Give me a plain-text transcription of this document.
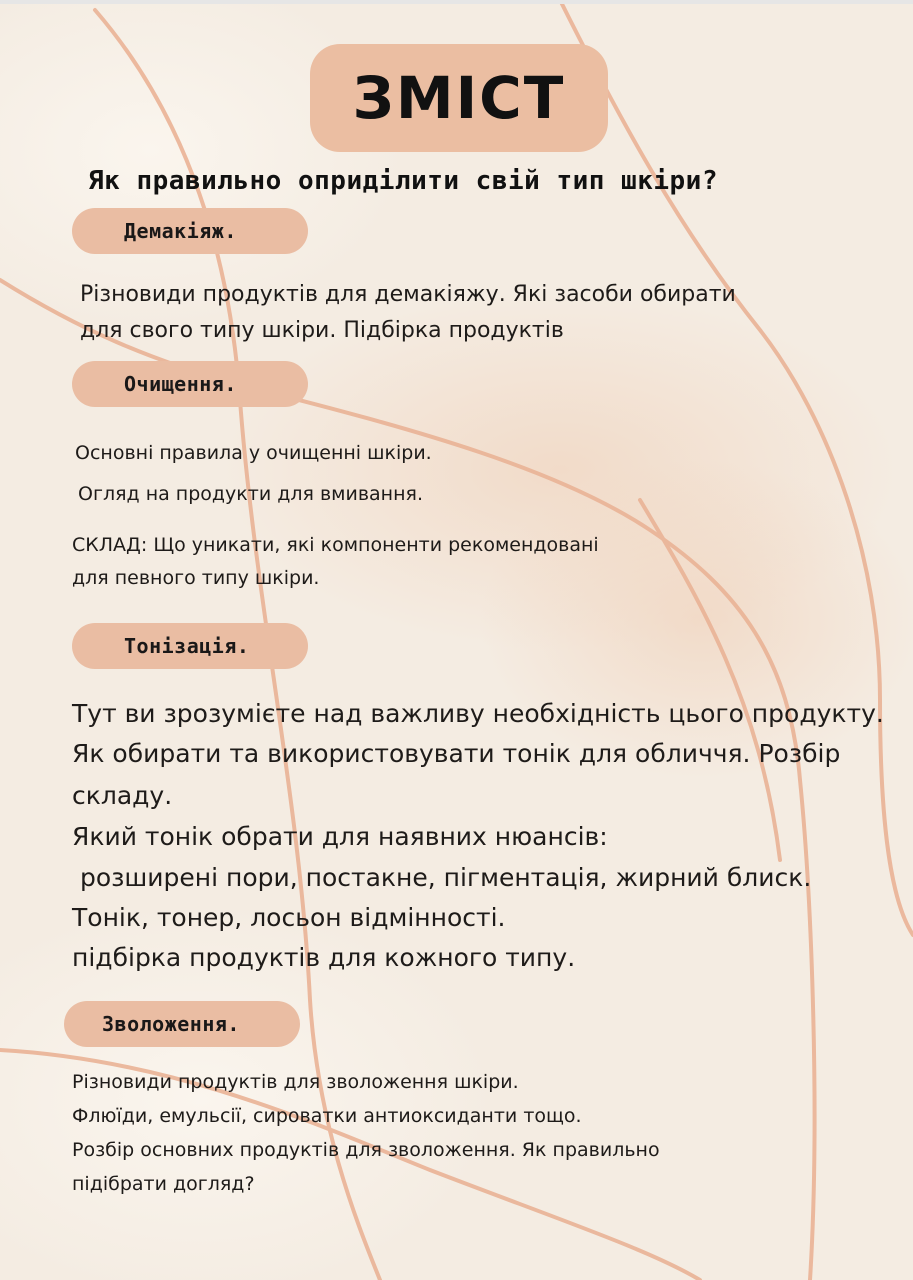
ЗМІСТ
Як правильно опридiлити свій тип шкіри?
Демакіяж.
Різновиди продуктів для демакіяжу. Які засоби обирати
для свого типу шкіри. Підбірка продуктів
Очищення.
Основні правила у очищенні шкіри.
Огляд на продукти для вмивання.
СКЛАД: Що уникати, які компоненти рекомендовані
для певного типу шкіри.
Тонізація.
Тут ви зрозумієте над важливу необхідність цього продукту.
Як обирати та використовувати тонік для обличчя. Розбір
складу.
Який тонік обрати для наявних нюансів:
розширені пори, постакне, пігментація, жирний блиск.
Тонік, тонер, лосьон відмінності.
підбірка продуктів для кожного типу.
Зволоження.
Різновиди продуктів для зволоження шкіри.
Флюїди, емульсії, сироватки антиоксиданти тощо.
Розбір основних продуктів для зволоження. Як правильно
підібрати догляд?
